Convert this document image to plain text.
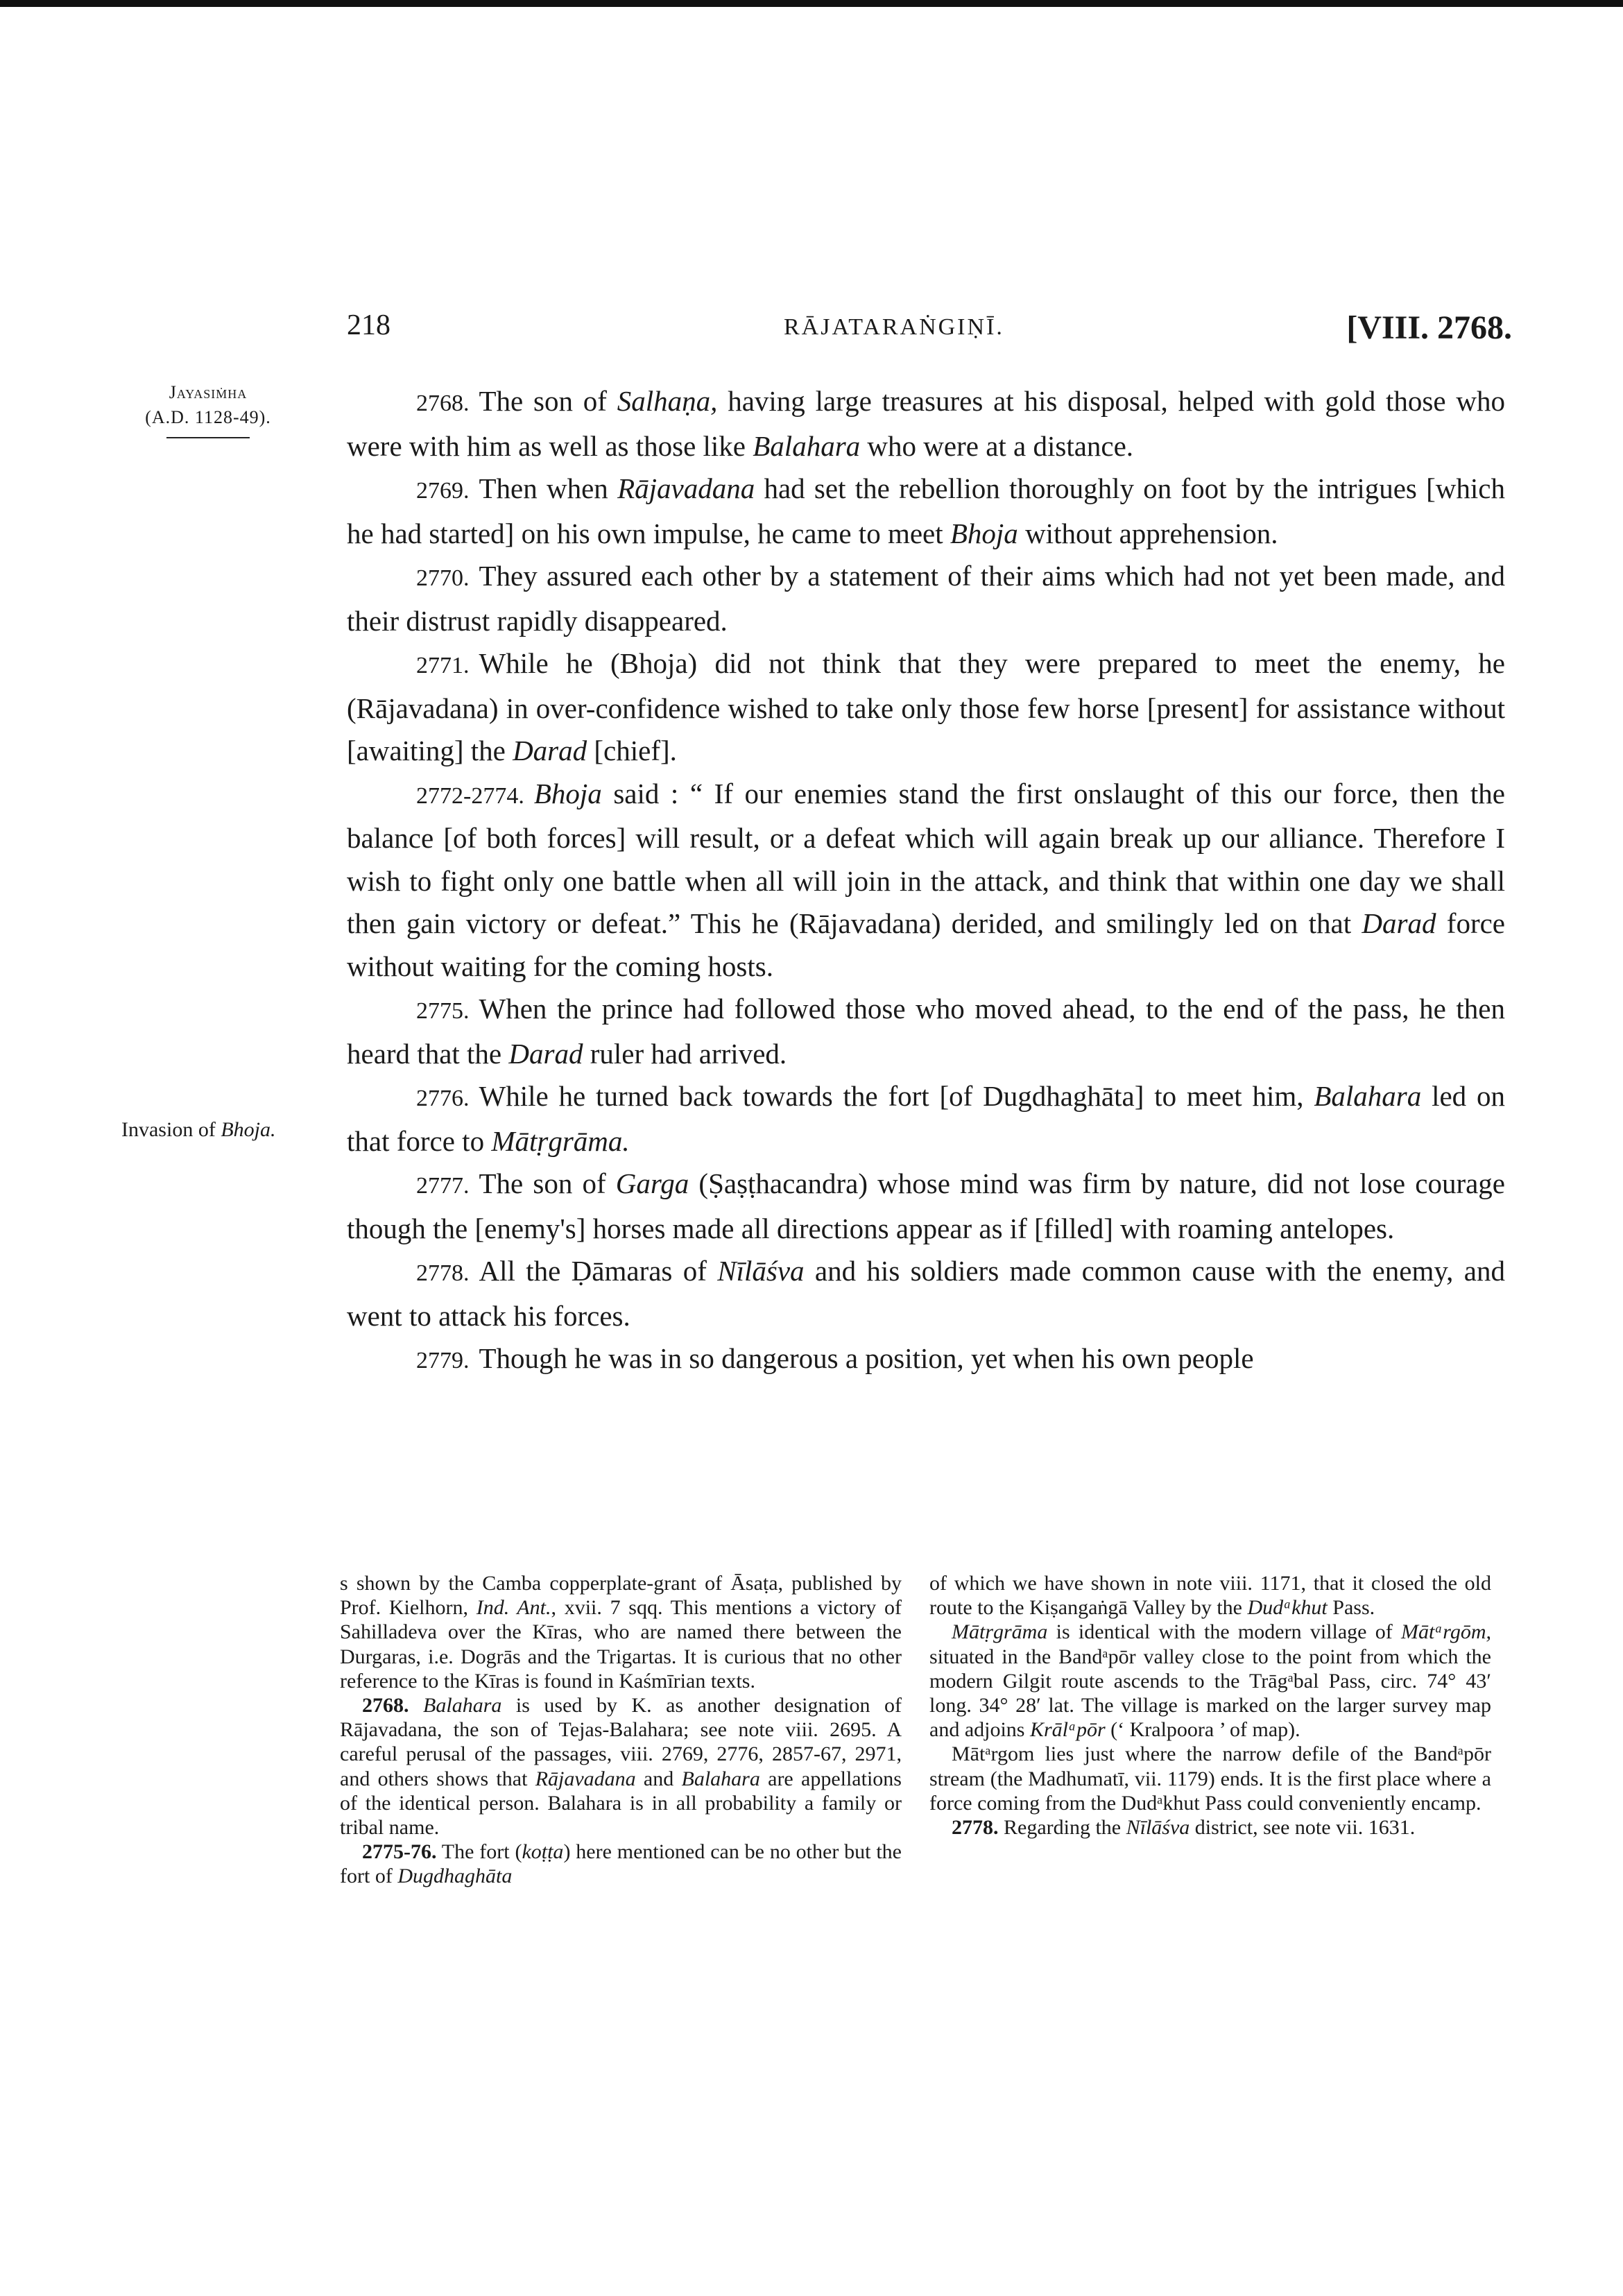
218	RĀJATARAṄGIṆĪ.	[VIII. 2768.
Jayasiṁha
(A.D. 1128-49).
Invasion of Bhoja.

2768. The son of Salhaṇa, having large treasures at his disposal, helped with gold those who were with him as well as those like Balahara who were at a distance.

2769. Then when Rājavadana had set the rebellion thoroughly on foot by the intrigues [which he had started] on his own impulse, he came to meet Bhoja without apprehension.

2770. They assured each other by a statement of their aims which had not yet been made, and their distrust rapidly disappeared.

2771. While he (Bhoja) did not think that they were prepared to meet the enemy, he (Rājavadana) in over-confidence wished to take only those few horse [present] for assistance without [awaiting] the Darad [chief].

2772-2774. Bhoja said : “ If our enemies stand the first onslaught of this our force, then the balance [of both forces] will result, or a defeat which will again break up our alliance. Therefore I wish to fight only one battle when all will join in the attack, and think that within one day we shall then gain victory or defeat.” This he (Rājavadana) derided, and smilingly led on that Darad force without waiting for the coming hosts.

2775. When the prince had followed those who moved ahead, to the end of the pass, he then heard that the Darad ruler had arrived.

2776. While he turned back towards the fort [of Dugdhaghāta] to meet him, Balahara led on that force to Mātṛgrāma.

2777. The son of Garga (Ṣaṣṭhacandra) whose mind was firm by nature, did not lose courage though the [enemy's] horses made all directions appear as if [filled] with roaming antelopes.

2778. All the Ḍāmaras of Nīlāśva and his soldiers made common cause with the enemy, and went to attack his forces.

2779. Though he was in so dangerous a position, yet when his own people

s shown by the Camba copperplate-grant of Āsaṭa, published by Prof. Kielhorn, Ind. Ant., xvii. 7 sqq. This mentions a victory of Sahilladeva over the Kīras, who are named there between the Durgaras, i.e. Dogrās and the Trigartas. It is curious that no other reference to the Kīras is found in Kaśmīrian texts.

2768. Balahara is used by K. as another designation of Rājavadana, the son of Tejas-Balahara; see note viii. 2695. A careful perusal of the passages, viii. 2769, 2776, 2857-67, 2971, and others shows that Rājavadana and Balahara are appellations of the identical person. Balahara is in all probability a family or tribal name.

2775-76. The fort (koṭṭa) here mentioned can be no other but the fort of Dugdhaghāta

of which we have shown in note viii. 1171, that it closed the old route to the Kiṣangaṅgā Valley by the Dudᵃkhut Pass.

Mātṛgrāma is identical with the modern village of Mātᵃrgōm, situated in the Bandᵃpōr valley close to the point from which the modern Gilgit route ascends to the Trāgᵃbal Pass, circ. 74° 43′ long. 34° 28′ lat. The village is marked on the larger survey map and adjoins Krālᵃpōr (‘ Kralpoora ’ of map).

Mātᵃrgom lies just where the narrow defile of the Bandᵃpōr stream (the Madhumatī, vii. 1179) ends. It is the first place where a force coming from the Dudᵃkhut Pass could conveniently encamp.

2778. Regarding the Nīlāśva district, see note vii. 1631.
